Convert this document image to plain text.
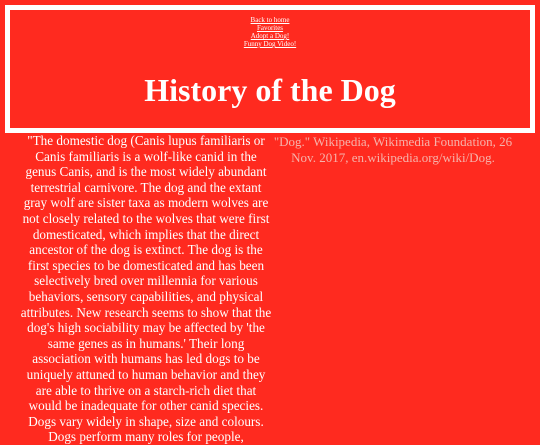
Back to home
Favorites
Adopt a Dog!
Funny Dog Video!
History of the Dog
"The domestic dog (Canis lupus familiaris or Canis familiaris is a wolf-like canid in the genus Canis, and is the most widely abundant terrestrial carnivore. The dog and the extant gray wolf are sister taxa as modern wolves are not closely related to the wolves that were first domesticated, which implies that the direct ancestor of the dog is extinct. The dog is the first species to be domesticated and has been selectively bred over millennia for various behaviors, sensory capabilities, and physical attributes. New research seems to show that the dog's high sociability may be affected by 'the same genes as in humans.' Their long association with humans has led dogs to be uniquely attuned to human behavior and they are able to thrive on a starch-rich diet that would be inadequate for other canid species. Dogs vary widely in shape, size and colours. Dogs perform many roles for people,
"Dog." Wikipedia, Wikimedia Foundation, 26 Nov. 2017, en.wikipedia.org/wiki/Dog.
